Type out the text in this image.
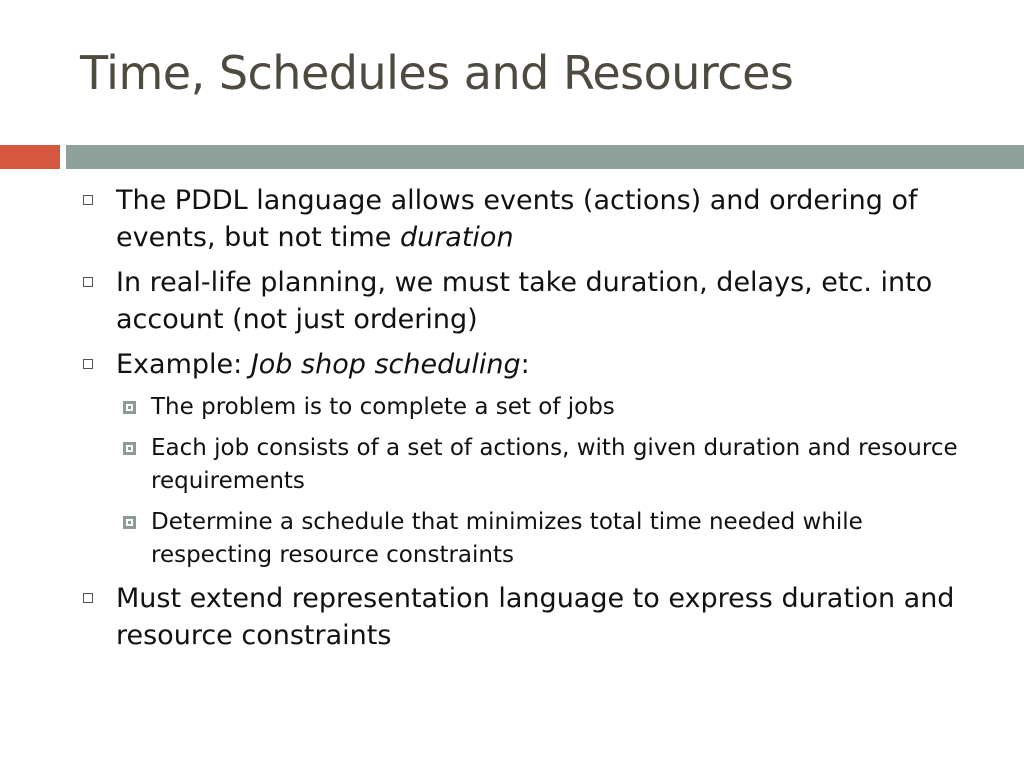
Time, Schedules and Resources
The PDDL language allows events (actions) and ordering of events, but not time duration
In real-life planning, we must take duration, delays, etc. into account (not just ordering)
Example: Job shop scheduling:
The problem is to complete a set of jobs
Each job consists of a set of actions, with given duration and resource requirements
Determine a schedule that minimizes total time needed while respecting resource constraints
Must extend representation language to express duration and resource constraints
